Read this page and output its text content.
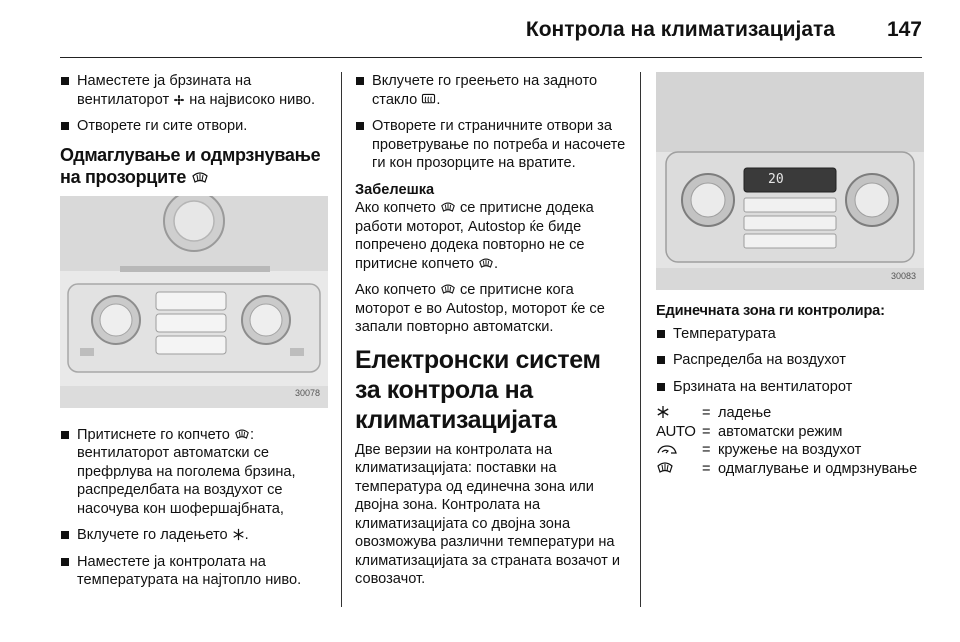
Контрола на климатизацијата 147
Наместете ја брзината на вентилаторот  на највисоко ниво.
Отворете ги сите отвори.
Одмаглување и одмрзнување на прозорците
30078
Притиснете го копчето : вентилаторот автоматски се префрлува на поголема брзина, распределбата на воздухот се насочува кон шофершајбната,
Вклучете го ладењето .
Наместете ја контролата на температурата на најтопло ниво.
Вклучете го греењето на задното стакло .
Отворете ги страничните отвори за проветрување по потреба и насочете ги кон прозорците на вратите.
Забелешка
Ако копчето  се притисне додека работи моторот, Autostop ќе биде попречено додека повторно не се притисне копчето .
Ако копчето  се притисне кога моторот е во Autostop, моторот ќе се запали повторно автоматски.
Електронски систем за контрола на климатизацијата
Две верзии на контролата на климатизацијата: поставки на температура од единечна зона или двојна зона. Контролата на климатизацијата со двојна зона овозможува различни температури на климатизацијата за странатa возачот и совозачот.
20
30083
Единечната зона ги контролира:
Температурата
Распределба на воздухот
Брзината на вентилаторот
= ладење
AUTO = автоматски режим
= кружење на воздухот
= одмаглување и одмрзнување
